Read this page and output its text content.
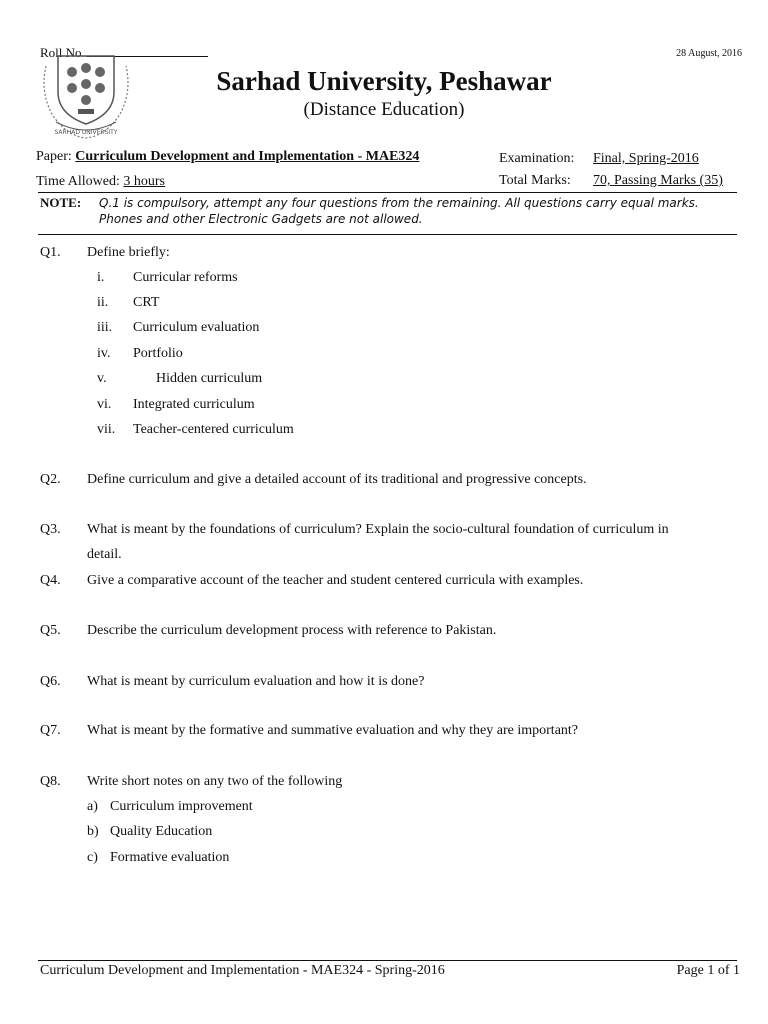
Roll No.	28 August, 2016
SARHAD UNIVERSITY
Sarhad University, Peshawar
(Distance Education)
Paper: Curriculum Development and Implementation - MAE324
Time Allowed: 3 hours
Examination: Final, Spring-2016
Total Marks: 70, Passing Marks (35)
NOTE: Q.1 is compulsory, attempt any four questions from the remaining. All questions carry equal marks.
Phones and other Electronic Gadgets are not allowed.
Q1. Define briefly:
i.	Curricular reforms
ii.	CRT
iii.	Curriculum evaluation
iv.	Portfolio
v.	Hidden curriculum
vi.	Integrated curriculum
vii.	Teacher-centered curriculum
Q2. Define curriculum and give a detailed account of its traditional and progressive concepts.
Q3. What is meant by the foundations of curriculum? Explain the socio-cultural foundation of curriculum in
detail.
Q4. Give a comparative account of the teacher and student centered curricula with examples.
Q5. Describe the curriculum development process with reference to Pakistan.
Q6. What is meant by curriculum evaluation and how it is done?
Q7. What is meant by the formative and summative evaluation and why they are important?
Q8. Write short notes on any two of the following
a) Curriculum improvement
b) Quality Education
c) Formative evaluation
Curriculum Development and Implementation - MAE324 - Spring-2016	Page 1 of 1
